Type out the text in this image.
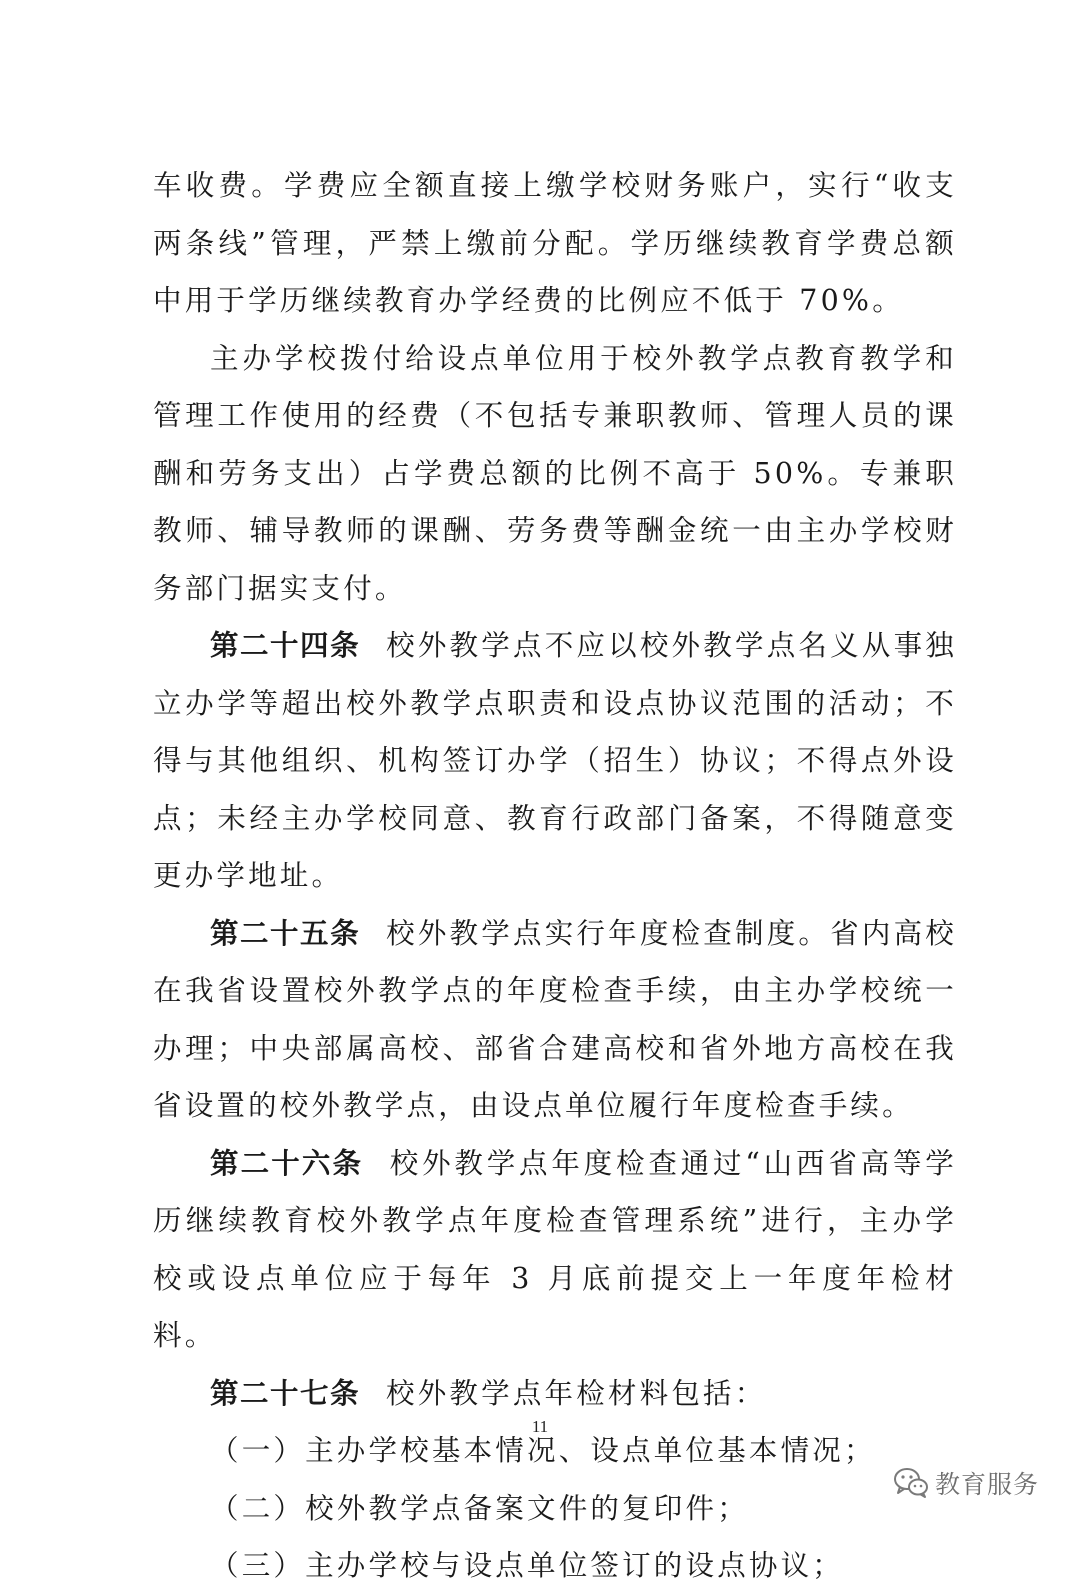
车收费。学费应全额直接上缴学校财务账户，实行“收支两条线”管理，严禁上缴前分配。学历继续教育学费总额中用于学历继续教育办学经费的比例应不低于 70%。

主办学校拨付给设点单位用于校外教学点教育教学和管理工作使用的经费（不包括专兼职教师、管理人员的课酬和劳务支出）占学费总额的比例不高于 50%。专兼职教师、辅导教师的课酬、劳务费等酬金统一由主办学校财务部门据实支付。

第二十四条 校外教学点不应以校外教学点名义从事独立办学等超出校外教学点职责和设点协议范围的活动；不得与其他组织、机构签订办学（招生）协议；不得点外设点；未经主办学校同意、教育行政部门备案，不得随意变更办学地址。

第二十五条 校外教学点实行年度检查制度。省内高校在我省设置校外教学点的年度检查手续，由主办学校统一办理；中央部属高校、部省合建高校和省外地方高校在我省设置的校外教学点，由设点单位履行年度检查手续。

第二十六条 校外教学点年度检查通过“山西省高等学历继续教育校外教学点年度检查管理系统”进行，主办学校或设点单位应于每年 3 月底前提交上一年度年检材料。

第二十七条 校外教学点年检材料包括：

（一）主办学校基本情况、设点单位基本情况；

（二）校外教学点备案文件的复印件；

（三）主办学校与设点单位签订的设点协议；

11
教育服务
